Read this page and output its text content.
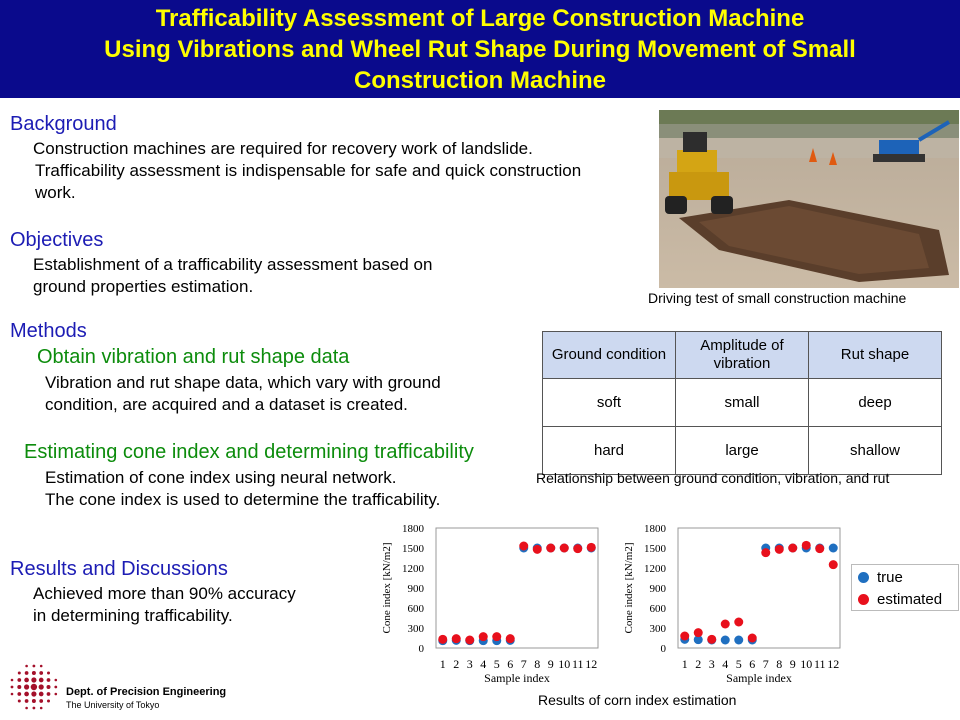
Trafficability Assessment of Large Construction Machine
Using Vibrations and Wheel Rut Shape During Movement of Small
Construction Machine
Background
Construction machines are required for recovery work of landslide.
Trafficability assessment is indispensable for safe and quick construction
work.
Objectives
Establishment of a trafficability assessment based on
ground properties estimation.
Methods
Obtain vibration and rut shape data
Vibration and rut shape data, which vary with ground
condition, are acquired and a dataset is created.
Estimating cone index and determining trafficability
Estimation of cone index using neural network.
The cone index is used to determine the trafficability.
Results and Discussions
Achieved more than 90% accuracy
in determining trafficability.
Driving test of small construction machine
Ground condition	Amplitude of vibration	Rut shape
soft	small	deep
hard	large	shallow
Relationship between ground condition, vibration, and rut
0
300
600
900
1200
1500
1800
1 2 3 4 5 6 7 8 9 10 11 12
Sample index
Cone index [kN/m2]
0
300
600
900
1200
1500
1800
1 2 3 4 5 6 7 8 9 10 11 12
Sample index
Cone index [kN/m2]	true
estimated
Results of corn index estimation
Dept. of Precision Engineering
The University of Tokyo
